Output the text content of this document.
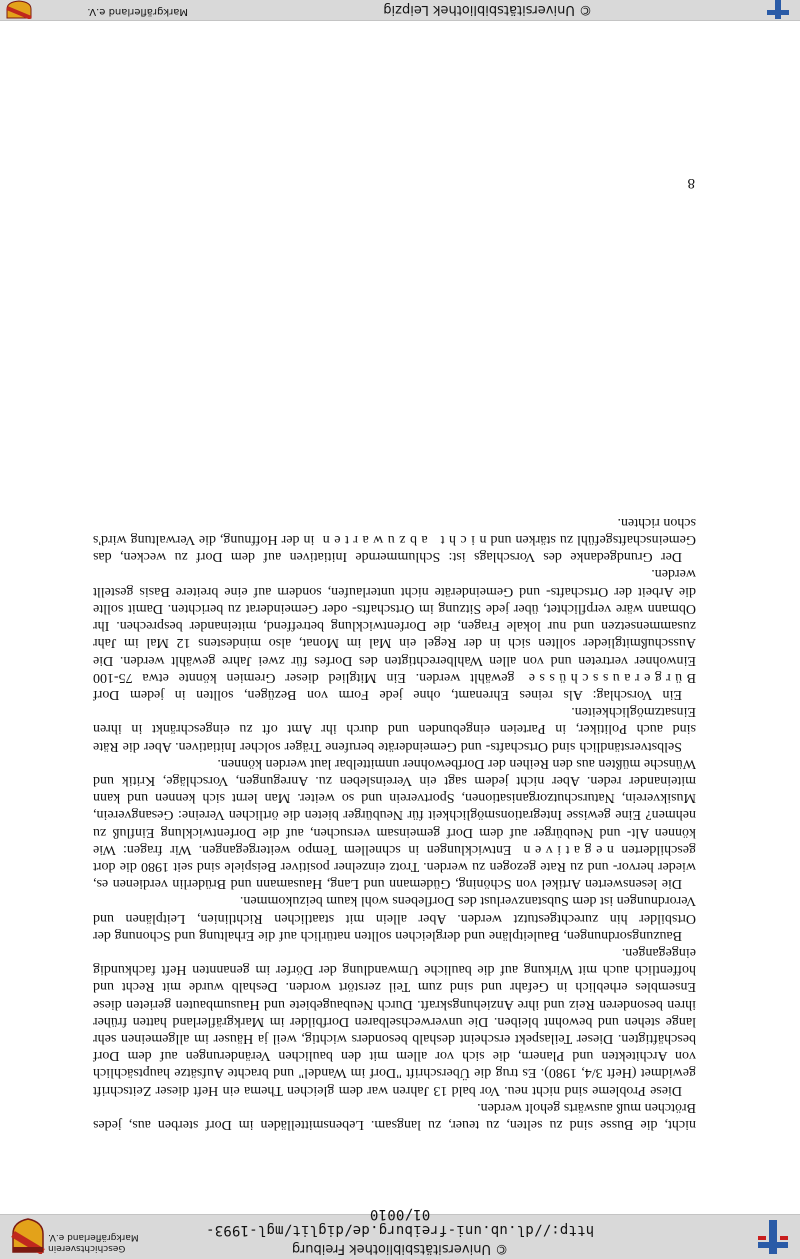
© Universitätsbibliothek Freiburg
http://dl.ub.uni-freiburg.de/diglit/mgl-1993-01/0010
Geschichtsverein
Markgräflerland e.V.
8

nicht, die Busse sind zu selten, zu teuer, zu langsam. Lebensmittelläden im Dorf sterben aus, jedes Brötchen muß auswärts geholt werden.

Diese Probleme sind nicht neu. Vor bald 13 Jahren war dem gleichen Thema ein Heft dieser Zeitschrift gewidmet (Heft 3/4, 1980). Es trug die Überschrift "Dorf im Wandel" und brachte Aufsätze hauptsächlich von Architekten und Planern, die sich vor allem mit den baulichen Veränderungen auf dem Dorf beschäftigten. Dieser Teilaspekt erscheint deshalb besonders wichtig, weil ja Häuser im allgemeinen sehr lange stehen und bewohnt bleiben. Die unverwechselbaren Dorfbilder im Markgräflerland hatten früher ihren besonderen Reiz und ihre Anziehungskraft. Durch Neubaugebiete und Hausumbauten gerieten diese Ensembles erheblich in Gefahr und sind zum Teil zerstört worden. Deshalb wurde mit Recht und hoffentlich auch mit Wirkung auf die bauliche Umwandlung der Dörfer im genannten Heft fachkundig eingegangen.

Bauzungsordnungen, Bauleitpläne und dergleichen sollten natürlich auf die Erhaltung und Schonung der Ortsbilder hin zurechtgestutzt werden. Aber allein mit staatlichen Richtlinien, Leitplänen und Verordnungen ist dem Substanzverlust des Dorflebens wohl kaum beizukommen.

Die lesenswerten Artikel von Schöning, Güdemann und Lang, Hausamann und Brüderlin verdienen es, wieder hervor- und zu Rate gezogen zu werden. Trotz einzelner positiver Beispiele sind seit 1980 die dort geschilderten negativen Entwicklungen in schnellem Tempo weitergegangen. Wir fragen: Wie können Alt- und Neubürger auf dem Dorf gemeinsam versuchen, auf die Dorfentwicklung Einfluß zu nehmen? Eine gewisse Integrationsmöglichkeit für Neubürger bieten die örtlichen Vereine: Gesangverein, Musikverein, Naturschutzorganisationen, Sportverein und so weiter. Man lernt sich kennen und kann miteinander reden. Aber nicht jedem sagt ein Vereinsleben zu. Anregungen, Vorschläge, Kritik und Wünsche müßten aus den Reihen der Dorfbewohner unmittelbar laut werden können.

Selbstverständlich sind Ortschafts- und Gemeinderäte berufene Träger solcher Initiativen. Aber die Räte sind auch Politiker, in Parteien eingebunden und durch ihr Amt oft zu eingeschränkt in ihren Einsatzmöglichkeiten.

Ein Vorschlag: Als reines Ehrenamt, ohne jede Form von Bezügen, sollten in jedem Dorf Bürgerausschüsse gewählt werden. Ein Mitglied dieser Gremien könnte etwa 75-100 Einwohner vertreten und von allen Wahlberechtigten des Dorfes für zwei Jahre gewählt werden. Die Ausschußmitglieder sollten sich in der Regel ein Mal im Monat, also mindestens 12 Mal im Jahr zusammensetzen und nur lokale Fragen, die Dorfentwicklung betreffend, miteinander besprechen. Ihr Obmann wäre verpflichtet, über jede Sitzung im Ortschafts- oder Gemeinderat zu berichten. Damit sollte die Arbeit der Ortschafts- und Gemeinderäte nicht unterlaufen, sondern auf eine breitere Basis gestellt werden.

Der Grundgedanke des Vorschlags ist: Schlummernde Initiativen auf dem Dorf zu wecken, das Gemeinschaftsgefühl zu stärken und nicht abzuwarten in der Hoffnung, die Verwaltung wird's schon richten.

© Universitätsbibliothek Leipzig
Markgräflerland e.V.
